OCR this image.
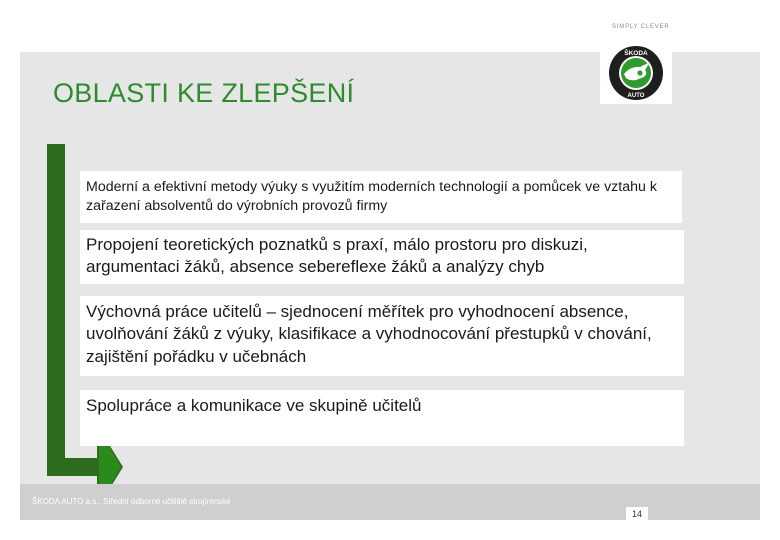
SIMPLY CLEVER
ŠKODA
AUTO
OBLASTI KE ZLEPŠENÍ
Moderní a efektivní metody výuky s využitím moderních technologií a pomůcek ve vztahu k zařazení absolventů do výrobních provozů firmy
Propojení teoretických poznatků s praxí, málo prostoru pro diskuzi, argumentaci žáků, absence sebereflexe žáků a analýzy chyb
Výchovná práce učitelů – sjednocení měřítek pro vyhodnocení absence, uvolňování žáků z výuky, klasifikace a vyhodnocování přestupků v chování, zajištění pořádku v učebnách
Spolupráce a komunikace ve skupině učitelů
ŠKODA AUTO a.s., Střední odborné učiliště strojírenské
14
